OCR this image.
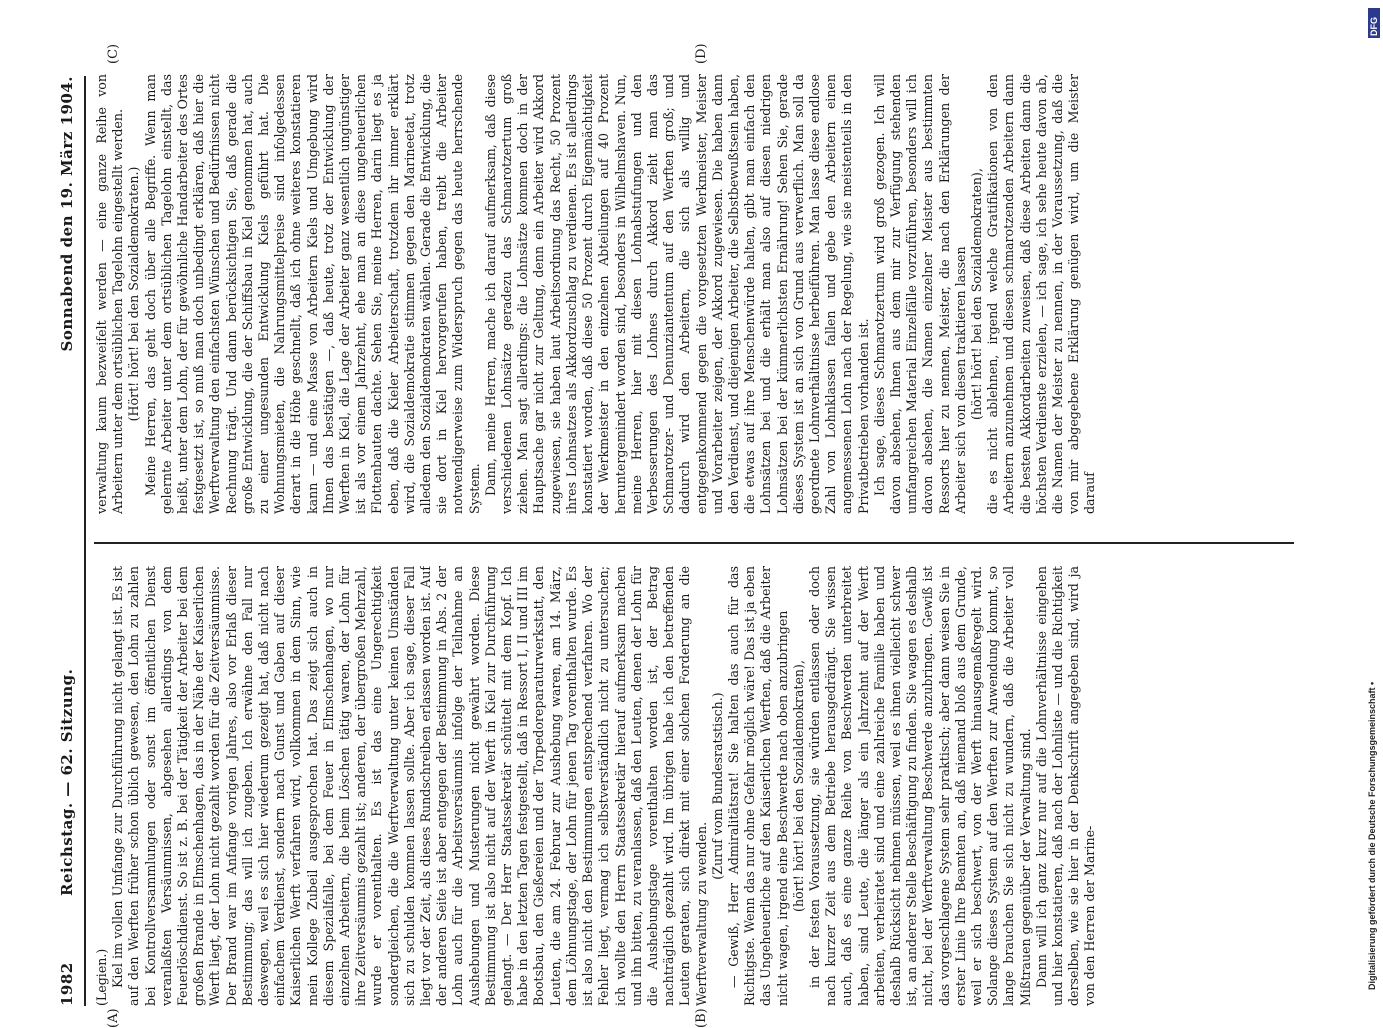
1982
Reichstag. — 62. Sitzung.
Sonnabend den 19. März 1904.
(A)	(B)
(C)	(D)

(Legien.) Kiel im vollen Umfange zur Durchführung nicht gelangt ist. Es ist auf den Werften früher schon üblich gewesen, den Lohn zu zahlen bei Kontrollversammlungen oder sonst im öffentlichen Dienst veranlaßten Versäumnissen, abgesehen allerdings von dem Feuerlöschdienst. So ist z. B. bei der Tätigkeit der Arbeiter bei dem großen Brande in Elmschenhagen, das in der Nähe der Kaiserlichen Werft liegt, der Lohn nicht gezahlt worden für die Zeitversäumnisse. Der Brand war im Anfange vorigen Jahres, also vor Erlaß dieser Bestimmung; das will ich zugeben. Ich erwähne den Fall nur deswegen, weil es sich hier wiederum gezeigt hat, daß nicht nach einfachem Verdienst, sondern nach Gunst und Gaben auf dieser Kaiserlichen Werft verfahren wird, vollkommen in dem Sinn, wie mein Kollege Zubeil ausgesprochen hat. Das zeigt sich auch in diesem Spezialfalle, bei dem Feuer in Elmschenhagen, wo nur einzelnen Arbeitern, die beim Löschen tätig waren, der Lohn für ihre Zeitversäumnis gezahlt ist; anderen, der übergroßen Mehrzahl, wurde er vorenthalten. Es ist das eine Ungerechtigkeit sondergleichen, die die Werftverwaltung unter keinen Umständen sich zu schulden kommen lassen sollte. Aber ich sage, dieser Fall liegt vor der Zeit, als dieses Rundschreiben erlassen worden ist. Auf der anderen Seite ist aber entgegen der Bestimmung in Abs. 2 der Lohn auch für die Arbeitsversäumnis infolge der Teilnahme an Aushebungen und Musterungen nicht gewährt worden. Diese Bestimmung ist also nicht auf der Werft in Kiel zur Durchführung gelangt. — Der Herr Staatssekretär schüttelt mit dem Kopf. Ich habe in den letzten Tagen festgestellt, daß in Ressort I, II und III im Bootsbau, den Gießereien und der Torpedoreparaturwerkstatt, den Leuten, die am 24. Februar zur Aushebung waren, am 14. März, dem Löhnungstage, der Lohn für jenen Tag vorenthalten wurde. Es ist also nicht den Bestimmungen entsprechend verfahren. Wo der Fehler liegt, vermag ich selbstverständlich nicht zu untersuchen; ich wollte den Herrn Staatssekretär hierauf aufmerksam machen und ihn bitten, zu veranlassen, daß den Leuten, denen der Lohn für die Aushebungstage vorenthalten worden ist, der Betrag nachträglich gezahlt wird. Im übrigen habe ich den betreffenden Leuten geraten, sich direkt mit einer solchen Forderung an die Werftverwaltung zu wenden.

(Zuruf vom Bundesratstisch.) — Gewiß, Herr Admiralitätsrat! Sie halten das auch für das Richtigste. Wenn das nur ohne Gefahr möglich wäre! Das ist ja eben das Ungeheuerliche auf den Kaiserlichen Werften, daß die Arbeiter nicht wagen, irgend eine Beschwerde nach oben anzubringen (hört! hört! bei den Sozialdemokraten), in der festen Voraussetzung, sie würden entlassen oder doch nach kurzer Zeit aus dem Betriebe herausgedrängt. Sie wissen auch, daß es eine ganze Reihe von Beschwerden unterbreitet haben, sind Leute, die länger als ein Jahrzehnt auf der Werft arbeiten, verheiratet sind und eine zahlreiche Familie haben und deshalb Rücksicht nehmen müssen, weil es ihnen vielleicht schwer ist, an anderer Stelle Beschäftigung zu finden. Sie wagen es deshalb nicht, bei der Werftverwaltung Beschwerde anzubringen. Gewiß ist das vorgeschlagene System sehr praktisch; aber dann weisen Sie in erster Linie Ihre Beamten an, daß niemand bloß aus dem Grunde, weil er sich beschwert, von der Werft hinausgemaßregelt wird. Solange dieses System auf den Werften zur Anwendung kommt, so lange brauchen Sie sich nicht zu wundern, daß die Arbeiter voll Mißtrauen gegenüber der Verwaltung sind. Dann will ich ganz kurz nur auf die Lohnverhältnisse eingehen und hier konstatieren, daß nach der Lohnliste — und die Richtigkeit derselben, wie sie hier in der Denkschrift angegeben sind, wird ja von den Herren der Marine-

verwaltung kaum bezweifelt werden — eine ganze Reihe von Arbeitern unter dem ortsüblichen Tagelohn eingestellt werden. (Hört! hört! bei den Sozialdemokraten.) Meine Herren, das geht doch über alle Begriffe. Wenn man gelernte Arbeiter unter dem ortsüblichen Tagelohn einstellt, das heißt, unter dem Lohn, der für gewöhnliche Handarbeiter des Ortes festgesetzt ist, so muß man doch unbedingt erklären, daß hier die Werftverwaltung den einfachsten Wünschen und Bedürfnissen nicht Rechnung trägt. Und dann berücksichtigen Sie, daß gerade die große Entwicklung, die der Schiffsbau in Kiel genommen hat, auch zu einer ungesunden Entwicklung Kiels geführt hat. Die Wohnungsmieten, die Nahrungsmittelpreise sind infolgedessen derart in die Höhe geschnellt, daß ich ohne weiteres konstatieren kann — und eine Masse von Arbeitern Kiels und Umgebung wird Ihnen das bestätigen —, daß heute, trotz der Entwicklung der Werften in Kiel, die Lage der Arbeiter ganz wesentlich ungünstiger ist als vor einem Jahrzehnt, ehe man an diese ungeheuerlichen Flottenbauten dachte. Sehen Sie, meine Herren, darin liegt es ja eben, daß die Kieler Arbeiterschaft, trotzdem ihr immer erklärt wird, die Sozialdemokratie stimmen gegen den Marineetat, trotz alledem den Sozialdemokraten wählen. Gerade die Entwicklung, die sie dort in Kiel hervorgerufen haben, treibt die Arbeiter notwendigerweise zum Widerspruch gegen das heute herrschende System. Dann, meine Herren, mache ich darauf aufmerksam, daß diese verschiedenen Lohnsätze geradezu das Schmarotzertum groß ziehen. Man sagt allerdings: die Lohnsätze kommen doch in der Hauptsache gar nicht zur Geltung, denn ein Arbeiter wird Akkord zugewiesen, sie haben laut Arbeitsordnung das Recht, 50 Prozent ihres Lohnsatzes als Akkordzuschlag zu verdienen. Es ist allerdings konstatiert worden, daß diese 50 Prozent durch Eigenmächtigkeit der Werkmeister in den einzelnen Abteilungen auf 40 Prozent heruntergemindert worden sind, besonders in Wilhelmshaven. Nun, meine Herren, hier mit diesen Lohnabstufungen und den Verbesserungen des Lohnes durch Akkord zieht man das Schmarotzer- und Denunziantentum auf den Werften groß; und dadurch wird den Arbeitern, die sich als willig und entgegenkommend gegen die vorgesetzten Werkmeister, Meister und Vorarbeiter zeigen, der Akkord zugewiesen. Die haben dann den Verdienst, und diejenigen Arbeiter, die Selbstbewußtsein haben, die etwas auf ihre Menschenwürde halten, gibt man einfach den Lohnsätzen bei und die erhält man also auf diesen niedrigen Lohnsätzen bei der kümmerlichsten Ernährung! Sehen Sie, gerade dieses System ist an sich von Grund aus verwerflich. Man soll da geordnete Lohnverhältnisse herbeiführen. Man lasse diese endlose Zahl von Lohnklassen fallen und gebe den Arbeitern einen angemessenen Lohn nach der Regelung, wie sie meistenteils in den Privatbetrieben vorhanden ist. Ich sage, dieses Schmarotzertum wird groß gezogen. Ich will davon absehen, Ihnen aus dem mir zur Verfügung stehenden umfangreichen Material Einzelfälle vorzuführen, besonders will ich davon absehen, die Namen einzelner Meister aus bestimmten Ressorts hier zu nennen, Meister, die nach den Erklärungen der Arbeiter sich von diesen traktieren lassen (hört! hört! bei den Sozialdemokraten), die es nicht ablehnen, irgend welche Gratifikationen von den Arbeitern anzunehmen und diesen schmarotzenden Arbeitern dann die besten Akkordarbeiten zuweisen, daß diese Arbeiten dann die höchsten Verdienste erzielen, — ich sage, ich sehe heute davon ab, die Namen der Meister zu nennen, in der Voraussetzung, daß die von mir abgegebene Erklärung genügen wird, um die Meister darauf

DFG
Digitalisierung gefördert durch die Deutsche Forschungsgemeinschaft •
